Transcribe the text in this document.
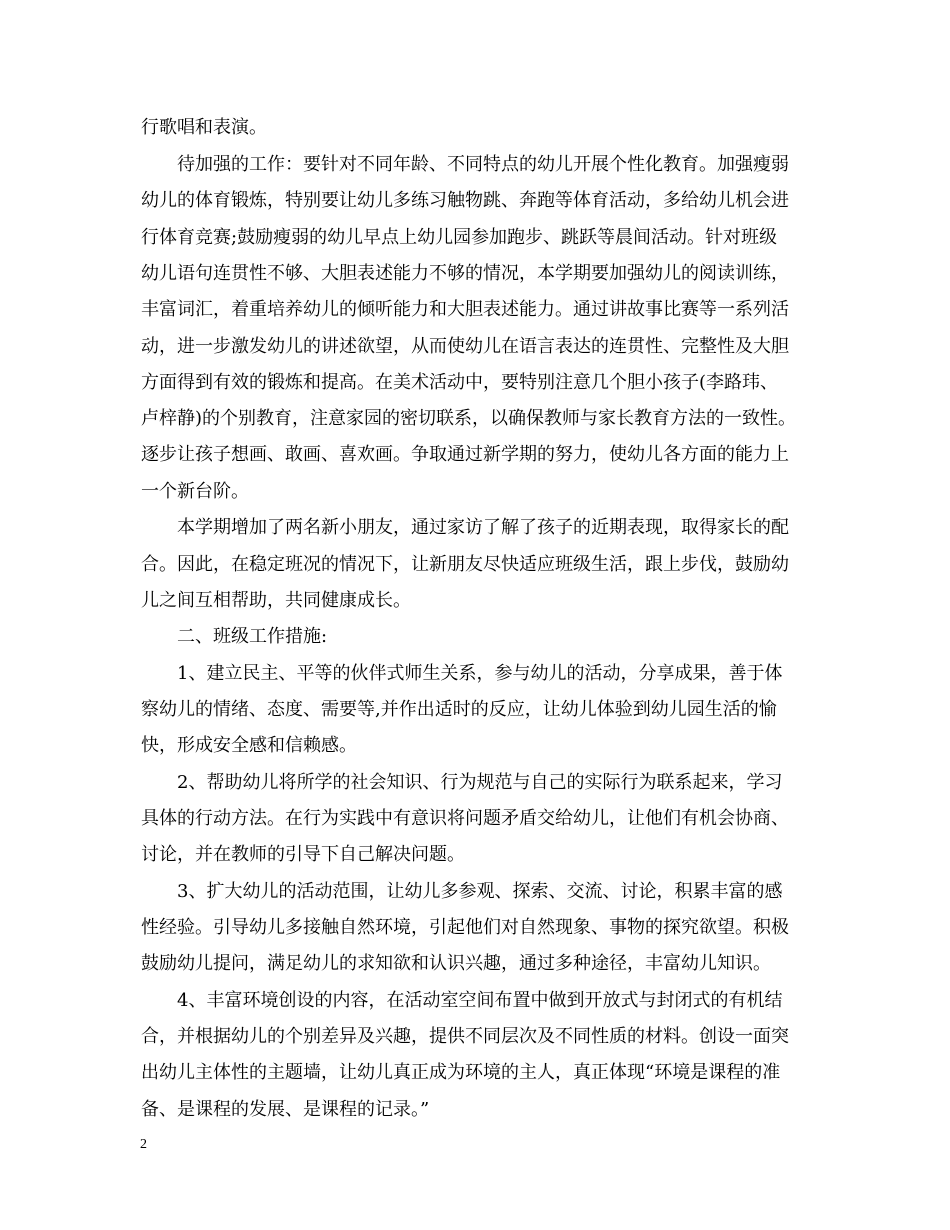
行歌唱和表演。

待加强的工作：要针对不同年龄、不同特点的幼儿开展个性化教育。加强瘦弱

幼儿的体育锻炼，特别要让幼儿多练习触物跳、奔跑等体育活动，多给幼儿机会进

行体育竞赛;鼓励瘦弱的幼儿早点上幼儿园参加跑步、跳跃等晨间活动。针对班级

幼儿语句连贯性不够、大胆表述能力不够的情况，本学期要加强幼儿的阅读训练，

丰富词汇，着重培养幼儿的倾听能力和大胆表述能力。通过讲故事比赛等一系列活

动，进一步激发幼儿的讲述欲望，从而使幼儿在语言表达的连贯性、完整性及大胆

方面得到有效的锻炼和提高。在美术活动中，要特别注意几个胆小孩子(李路玮、

卢梓静)的个别教育，注意家园的密切联系，以确保教师与家长教育方法的一致性。

逐步让孩子想画、敢画、喜欢画。争取通过新学期的努力，使幼儿各方面的能力上

一个新台阶。

本学期增加了两名新小朋友，通过家访了解了孩子的近期表现，取得家长的配

合。因此，在稳定班况的情况下，让新朋友尽快适应班级生活，跟上步伐，鼓励幼

儿之间互相帮助，共同健康成长。

二、班级工作措施:

1、建立民主、平等的伙伴式师生关系，参与幼儿的活动，分享成果，善于体

察幼儿的情绪、态度、需要等,并作出适时的反应，让幼儿体验到幼儿园生活的愉

快，形成安全感和信赖感。

2、帮助幼儿将所学的社会知识、行为规范与自己的实际行为联系起来，学习

具体的行动方法。在行为实践中有意识将问题矛盾交给幼儿，让他们有机会协商、

讨论，并在教师的引导下自己解决问题。

3、扩大幼儿的活动范围，让幼儿多参观、探索、交流、讨论，积累丰富的感

性经验。引导幼儿多接触自然环境，引起他们对自然现象、事物的探究欲望。积极

鼓励幼儿提问，满足幼儿的求知欲和认识兴趣，通过多种途径，丰富幼儿知识。

4、丰富环境创设的内容，在活动室空间布置中做到开放式与封闭式的有机结

合，并根据幼儿的个别差异及兴趣，提供不同层次及不同性质的材料。创设一面突

出幼儿主体性的主题墙，让幼儿真正成为环境的主人，真正体现“环境是课程的准

备、是课程的发展、是课程的记录。”

2
